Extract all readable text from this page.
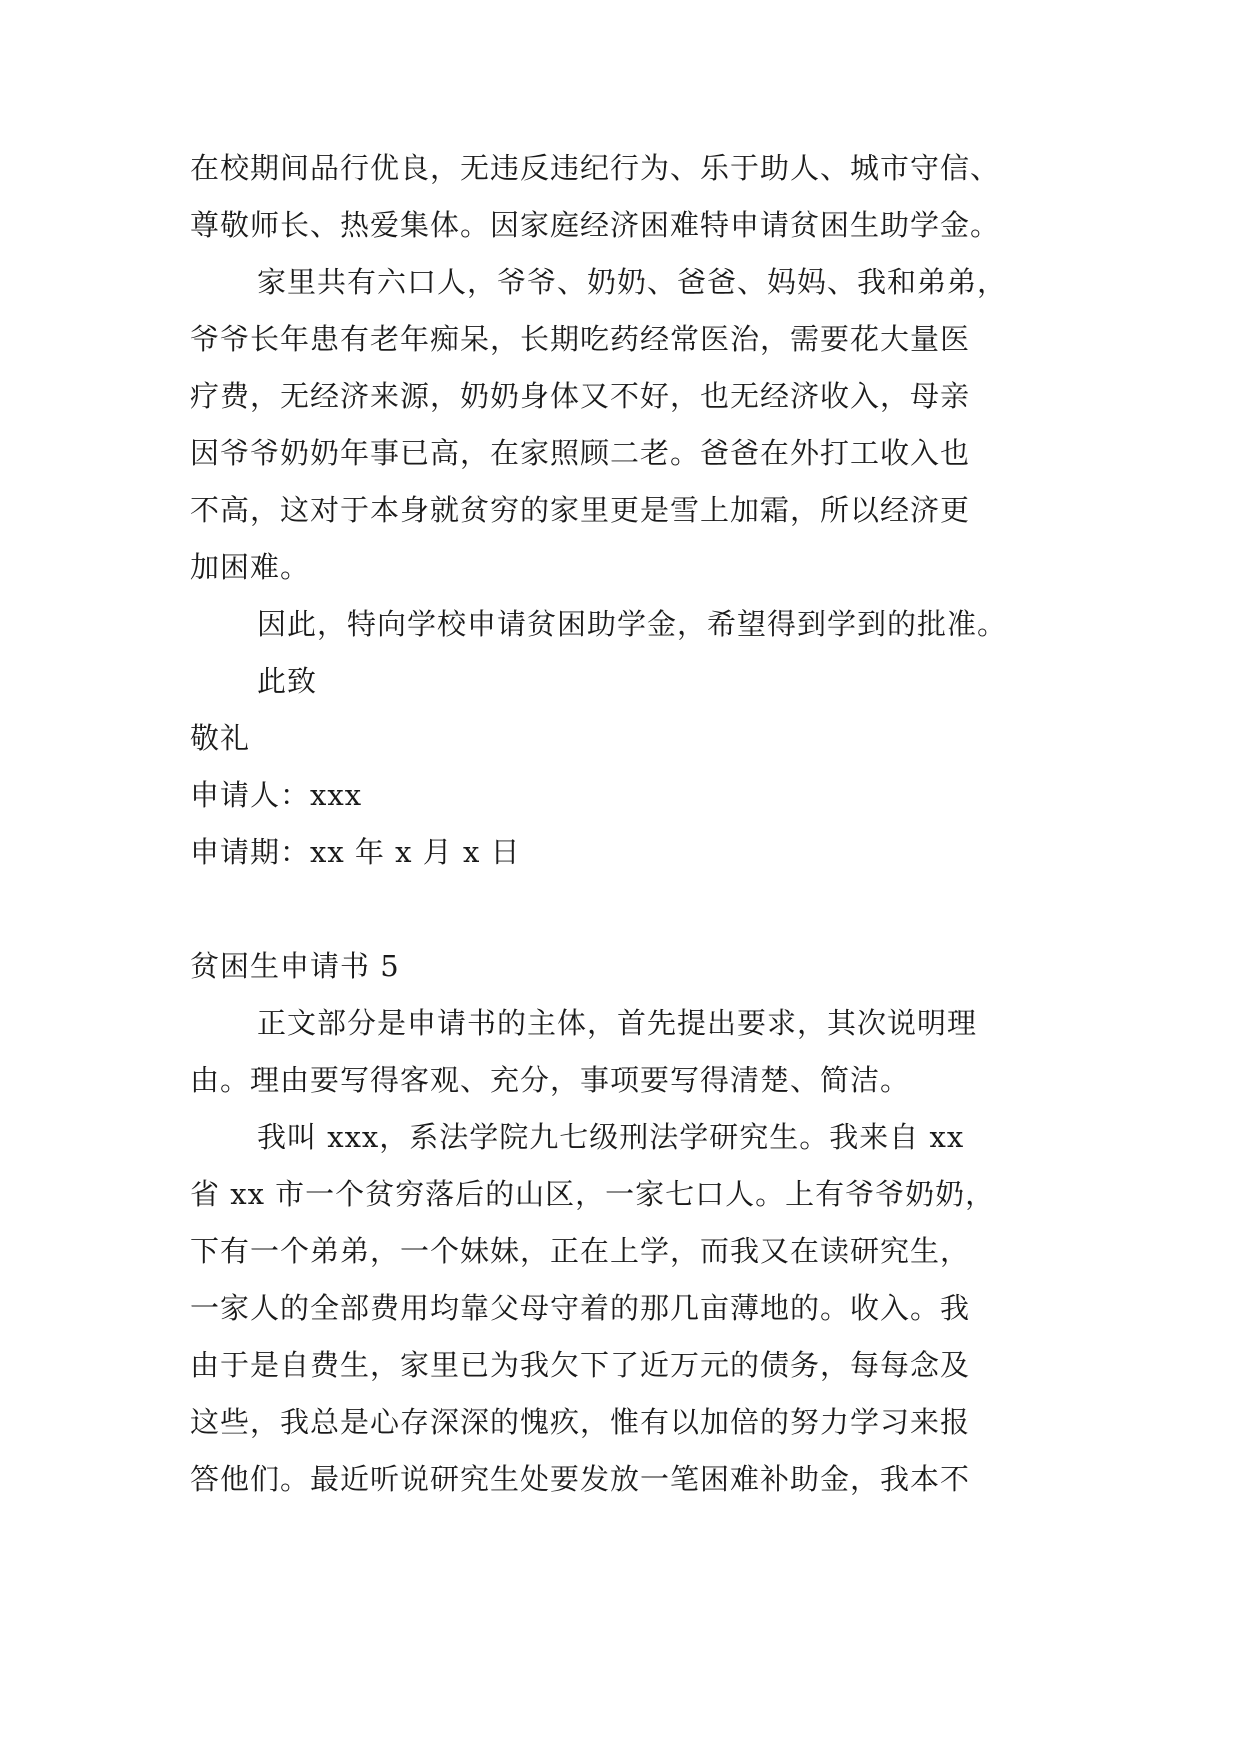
在校期间品行优良，无违反违纪行为、乐于助人、城市守信、
尊敬师长、热爱集体。因家庭经济困难特申请贫困生助学金。
家里共有六口人，爷爷、奶奶、爸爸、妈妈、我和弟弟，
爷爷长年患有老年痴呆，长期吃药经常医治，需要花大量医
疗费，无经济来源，奶奶身体又不好，也无经济收入，母亲
因爷爷奶奶年事已高，在家照顾二老。爸爸在外打工收入也
不高，这对于本身就贫穷的家里更是雪上加霜，所以经济更
加困难。
因此，特向学校申请贫困助学金，希望得到学到的批准。
此致
敬礼
申请人：xxx
申请期：xx 年 x 月 x 日
贫困生申请书 5
正文部分是申请书的主体，首先提出要求，其次说明理
由。理由要写得客观、充分，事项要写得清楚、简洁。
我叫 xxx，系法学院九七级刑法学研究生。我来自 xx
省 xx 市一个贫穷落后的山区，一家七口人。上有爷爷奶奶，
下有一个弟弟，一个妹妹，正在上学，而我又在读研究生，
一家人的全部费用均靠父母守着的那几亩薄地的。收入。我
由于是自费生，家里已为我欠下了近万元的债务，每每念及
这些，我总是心存深深的愧疚，惟有以加倍的努力学习来报
答他们。最近听说研究生处要发放一笔困难补助金，我本不
